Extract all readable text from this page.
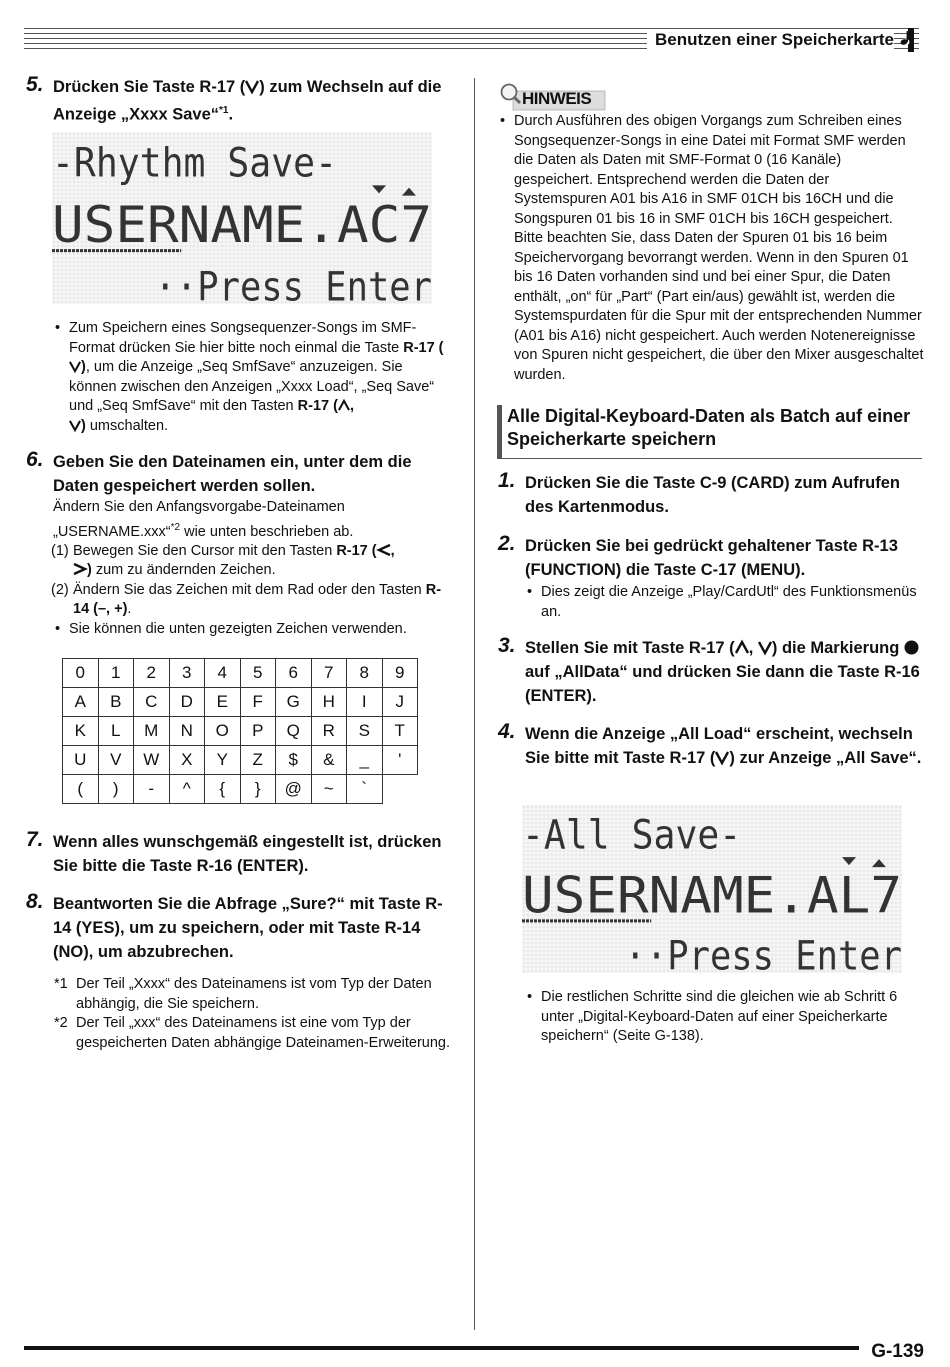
Benutzen einer Speicherkarte
5. Drücken Sie Taste R-17 ( ) zum Wechseln auf die Anzeige „Xxxx Save“$^{*1}$.
-Rhythm Save-
USERNAME.AC7
··Press Enter
• Zum Speichern eines Songsequenzer-Songs im SMF-Format drücken Sie hier bitte noch einmal die Taste R-17 (), um die Anzeige „Seq SmfSave“ anzuzeigen. Sie können zwischen den Anzeigen „Xxxx Load“, „Seq Save“ und „Seq SmfSave“ mit den Tasten R-17 ( ,
) umschalten.
6. Geben Sie den Dateinamen ein, unter dem die Daten gespeichert werden sollen.
Ändern Sie den Anfangsvorgabe-Dateinamen „USERNAME.xxx“$^{*2}$ wie unten beschrieben ab.
(1) Bewegen Sie den Cursor mit den Tasten R-17 ( ,
) zum zu ändernden Zeichen.
(2) Ändern Sie das Zeichen mit dem Rad oder den Tasten R-14 (–, +).
• Sie können die unten gezeigten Zeichen verwenden.
0	1	2	3	4	5	6	7	8	9
A	B	C	D	E	F	G	H	I	J
K	L	M	N	O	P	Q	R	S	T
U	V	W	X	Y	Z	$	&	_	'
(	)	-	^	{	}	@	~	`	
7. Wenn alles wunschgemäß eingestellt ist, drücken Sie bitte die Taste R-16 (ENTER).
8. Beantworten Sie die Abfrage „Sure?“ mit Taste R-14 (YES), um zu speichern, oder mit Taste R-14 (NO), um abzubrechen.
*1 Der Teil „Xxxx“ des Dateinamens ist vom Typ der Daten abhängig, die Sie speichern.
*2 Der Teil „xxx“ des Dateinamens ist eine vom Typ der gespeicherten Daten abhängige Dateinamen-Erweiterung.
HINWEIS
• Durch Ausführen des obigen Vorgangs zum Schreiben eines Songsequenzer-Songs in eine Datei mit Format SMF werden die Daten als Daten mit SMF-Format 0 (16 Kanäle) gespeichert. Entsprechend werden die Daten der Systemspuren A01 bis A16 in SMF 01CH bis 16CH und die Songspuren 01 bis 16 in SMF 01CH bis 16CH gespeichert. Bitte beachten Sie, dass Daten der Spuren 01 bis 16 beim Speichervorgang bevorrangt werden. Wenn in den Spuren 01 bis 16 Daten vorhanden sind und bei einer Spur, die Daten enthält, „on“ für „Part“ (Part ein/aus) gewählt ist, werden die Systemspurdaten für die Spur mit der entsprechenden Nummer (A01 bis A16) nicht gespeichert. Auch werden Notenereignisse von Spuren nicht gespeichert, die über den Mixer ausgeschaltet wurden.
Alle Digital-Keyboard-Daten als Batch auf einer Speicherkarte speichern
1. Drücken Sie die Taste C-9 (CARD) zum Aufrufen des Kartenmodus.
2. Drücken Sie bei gedrückt gehaltener Taste R-13 (FUNCTION) die Taste C-17 (MENU).
• Dies zeigt die Anzeige „Play/CardUtl“ des Funktionsmenüs an.
3. Stellen Sie mit Taste R-17 ( , ) die Markierung  auf „AllData“ und drücken Sie dann die Taste R-16 (ENTER).
4. Wenn die Anzeige „All Load“ erscheint, wechseln Sie bitte mit Taste R-17 ( ) zur Anzeige „All Save“.
-All Save-
USERNAME.AL7
··Press Enter
• Die restlichen Schritte sind die gleichen wie ab Schritt 6 unter „Digital-Keyboard-Daten auf einer Speicherkarte speichern“ (Seite G-138).
G-139
